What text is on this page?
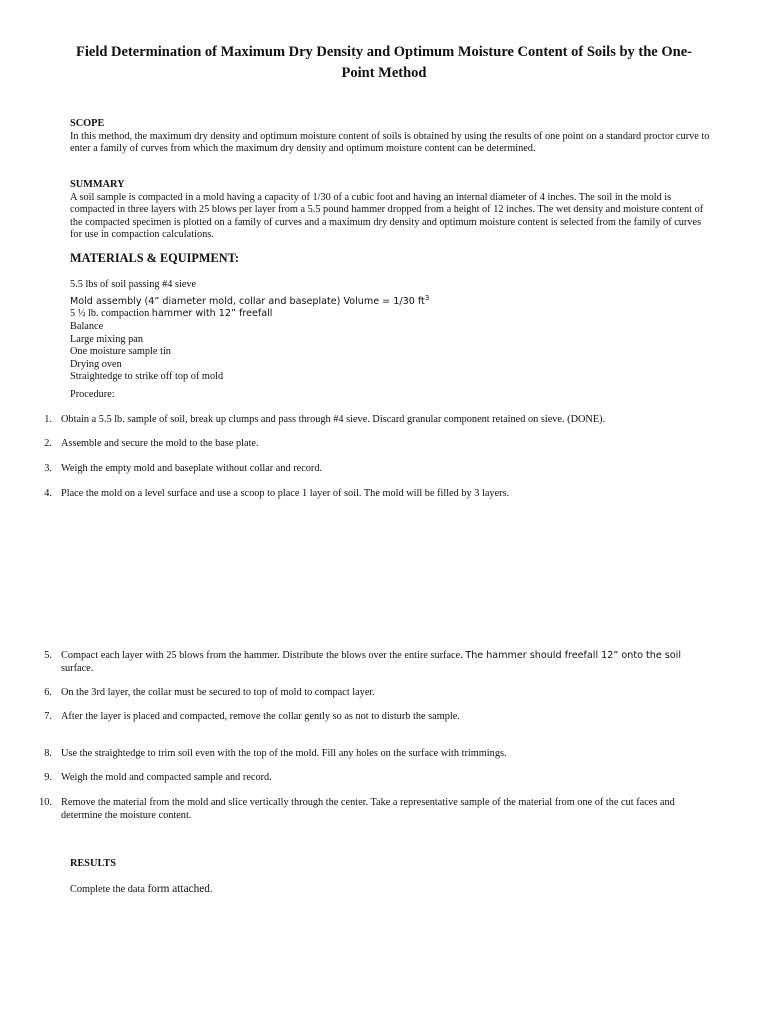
Field Determination of Maximum Dry Density and Optimum Moisture Content of Soils by the One-Point Method
SCOPE
In this method, the maximum dry density and optimum moisture content of soils is obtained by using the results of one point on a standard proctor curve to enter a family of curves from which the maximum dry density and optimum moisture content can be determined.
SUMMARY
A soil sample is compacted in a mold having a capacity of 1/30 of a cubic foot and having an internal diameter of 4 inches. The soil in the mold is compacted in three layers with 25 blows per layer from a 5.5 pound hammer dropped from a height of 12 inches. The wet density and moisture content of the compacted specimen is plotted on a family of curves and a maximum dry density and optimum moisture content is selected from the family of curves for use in compaction calculations.
MATERIALS & EQUIPMENT:
5.5 lbs of soil passing #4 sieve
Mold assembly (4” diameter mold, collar and baseplate) Volume = 1/30 $ft^3$
5 ½ lb. compaction hammer with 12” freefall
Balance
Large mixing pan
One moisture sample tin
Drying oven
Straightedge to strike off top of mold
Procedure:
1. Obtain a 5.5 lb. sample of soil, break up clumps and pass through #4 sieve. Discard granular component retained on sieve. (DONE).
2. Assemble and secure the mold to the base plate.
3. Weigh the empty mold and baseplate without collar and record.
4. Place the mold on a level surface and use a scoop to place 1 layer of soil. The mold will be filled by 3 layers.
5. Compact each layer with 25 blows from the hammer. Distribute the blows over the entire surface. The hammer should freefall 12” onto the soil
surface.
6. On the 3rd layer, the collar must be secured to top of mold to compact layer.
7. After the layer is placed and compacted, remove the collar gently so as not to disturb the sample.
8. Use the straightedge to trim soil even with the top of the mold. Fill any holes on the surface with trimmings.
9. Weigh the mold and compacted sample and record.
10. Remove the material from the mold and slice vertically through the center. Take a representative sample of the material from one of the cut faces and determine the moisture content.
RESULTS
Complete the data form attached.
